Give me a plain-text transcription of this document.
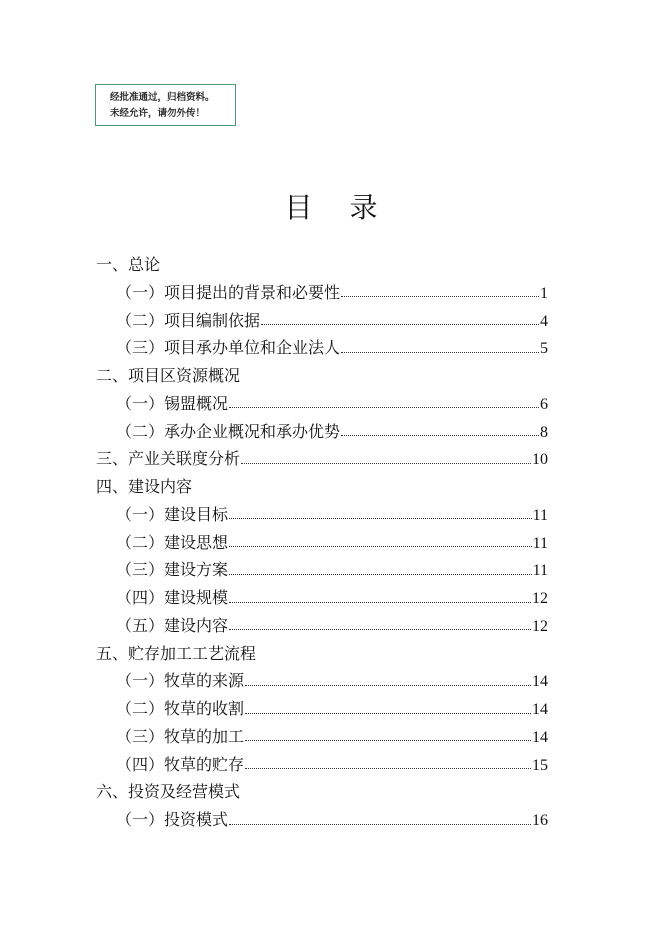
经批准通过，归档资料。
未经允许，请勿外传！
目 录
一、总论
（一）项目提出的背景和必要性	1
（二）项目编制依据	4
（三）项目承办单位和企业法人	5
二、项目区资源概况
（一）锡盟概况	6
（二）承办企业概况和承办优势	8
三、产业关联度分析	10
四、建设内容
（一）建设目标	11
（二）建设思想	11
（三）建设方案	11
（四）建设规模	12
（五）建设内容	12
五、贮存加工工艺流程
（一）牧草的来源	14
（二）牧草的收割	14
（三）牧草的加工	14
（四）牧草的贮存	15
六、投资及经营模式
（一）投资模式	16
